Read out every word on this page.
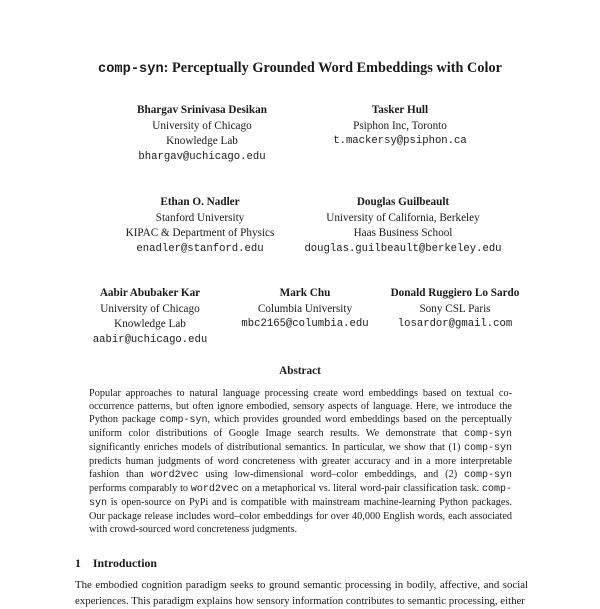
comp-syn: Perceptually Grounded Word Embeddings with Color
Bhargav Srinivasa Desikan
University of Chicago
Knowledge Lab
bhargav@uchicago.edu
Tasker Hull
Psiphon Inc, Toronto
t.mackersy@psiphon.ca
Ethan O. Nadler
Stanford University
KIPAC & Department of Physics
enadler@stanford.edu
Douglas Guilbeault
University of California, Berkeley
Haas Business School
douglas.guilbeault@berkeley.edu
Aabir Abubaker Kar
University of Chicago
Knowledge Lab
aabir@uchicago.edu
Mark Chu
Columbia University
mbc2165@columbia.edu
Donald Ruggiero Lo Sardo
Sony CSL Paris
losardor@gmail.com
Abstract
Popular approaches to natural language processing create word embeddings based on textual co-occurrence patterns, but often ignore embodied, sensory aspects of language. Here, we introduce the Python package comp-syn, which provides grounded word embeddings based on the perceptually uniform color distributions of Google Image search results. We demonstrate that comp-syn significantly enriches models of distributional semantics. In particular, we show that (1) comp-syn predicts human judgments of word concreteness with greater accuracy and in a more interpretable fashion than word2vec using low-dimensional word–color embeddings, and (2) comp-syn performs comparably to word2vec on a metaphorical vs. literal word-pair classification task. comp-syn is open-source on PyPi and is compatible with mainstream machine-learning Python packages. Our package release includes word–color embeddings for over 40,000 English words, each associated with crowd-sourced word concreteness judgments.
1 Introduction
The embodied cognition paradigm seeks to ground semantic processing in bodily, affective, and social experiences. This paradigm explains how sensory information contributes to semantic processing, either
